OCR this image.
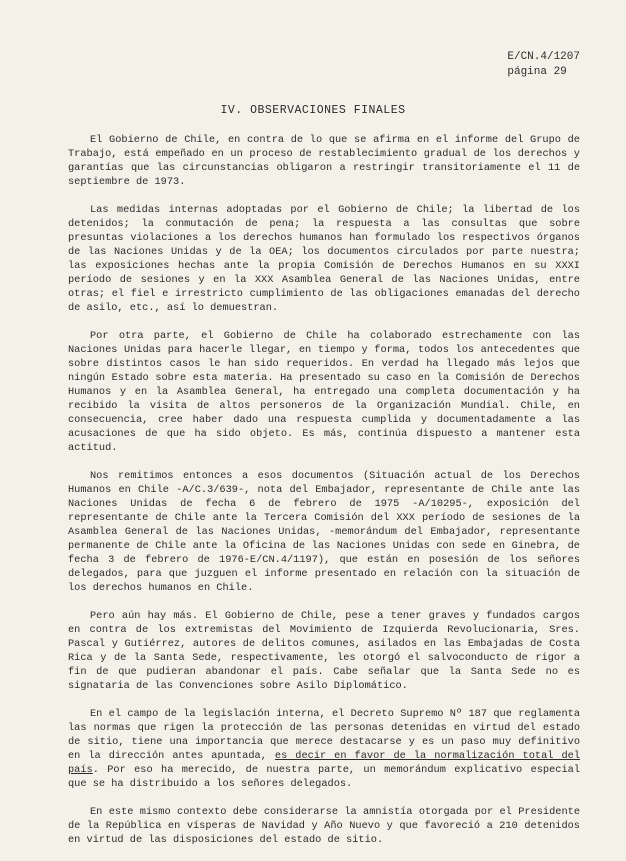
E/CN.4/1207
página 29
IV. OBSERVACIONES FINALES

El Gobierno de Chile, en contra de lo que se afirma en el informe del Grupo de Trabajo, está empeñado en un proceso de restablecimiento gradual de los derechos y garantías que las circunstancias obligaron a restringir transitoriamente el 11 de septiembre de 1973.

Las medidas internas adoptadas por el Gobierno de Chile; la libertad de los detenidos; la conmutación de pena; la respuesta a las consultas que sobre presuntas violaciones a los derechos humanos han formulado los respectivos órganos de las Naciones Unidas y de la OEA; los documentos circulados por parte nuestra; las exposiciones hechas ante la propia Comisión de Derechos Humanos en su XXXI período de sesiones y en la XXX Asamblea General de las Naciones Unidas, entre otras; el fiel e irrestricto cumplimiento de las obligaciones emanadas del derecho de asilo, etc., así lo demuestran.

Por otra parte, el Gobierno de Chile ha colaborado estrechamente con las Naciones Unidas para hacerle llegar, en tiempo y forma, todos los antecedentes que sobre distintos casos le han sido requeridos. En verdad ha llegado más lejos que ningún Estado sobre esta materia. Ha presentado su caso en la Comisión de Derechos Humanos y en la Asamblea General, ha entregado una completa documentación y ha recibido la visita de altos personeros de la Organización Mundial. Chile, en consecuencia, cree haber dado una respuesta cumplida y documentadamente a las acusaciones de que ha sido objeto. Es más, continúa dispuesto a mantener esta actitud.

Nos remitimos entonces a esos documentos (Situación actual de los Derechos Humanos en Chile -A/C.3/639-, nota del Embajador, representante de Chile ante las Naciones Unidas de fecha 6 de febrero de 1975 -A/10295-, exposición del representante de Chile ante la Tercera Comisión del XXX período de sesiones de la Asamblea General de las Naciones Unidas, -memorándum del Embajador, representante permanente de Chile ante la Oficina de las Naciones Unidas con sede en Ginebra, de fecha 3 de febrero de 1976-E/CN.4/1197), que están en posesión de los señores delegados, para que juzguen el informe presentado en relación con la situación de los derechos humanos en Chile.

Pero aún hay más. El Gobierno de Chile, pese a tener graves y fundados cargos en contra de los extremistas del Movimiento de Izquierda Revolucionaria, Sres. Pascal y Gutiérrez, autores de delitos comunes, asilados en las Embajadas de Costa Rica y de la Santa Sede, respectivamente, les otorgó el salvoconducto de rigor a fin de que pudieran abandonar el país. Cabe señalar que la Santa Sede no es signataria de las Convenciones sobre Asilo Diplomático.

En el campo de la legislación interna, el Decreto Supremo Nº 187 que reglamenta las normas que rigen la protección de las personas detenidas en virtud del estado de sitio, tiene una importancia que merece destacarse y es un paso muy definitivo en la dirección antes apuntada, es decir en favor de la normalización total del país. Por eso ha merecido, de nuestra parte, un memorándum explicativo especial que se ha distribuido a los señores delegados.

En este mismo contexto debe considerarse la amnistía otorgada por el Presidente de la República en vísperas de Navidad y Año Nuevo y que favoreció a 210 detenidos en virtud de las disposiciones del estado de sitio.
